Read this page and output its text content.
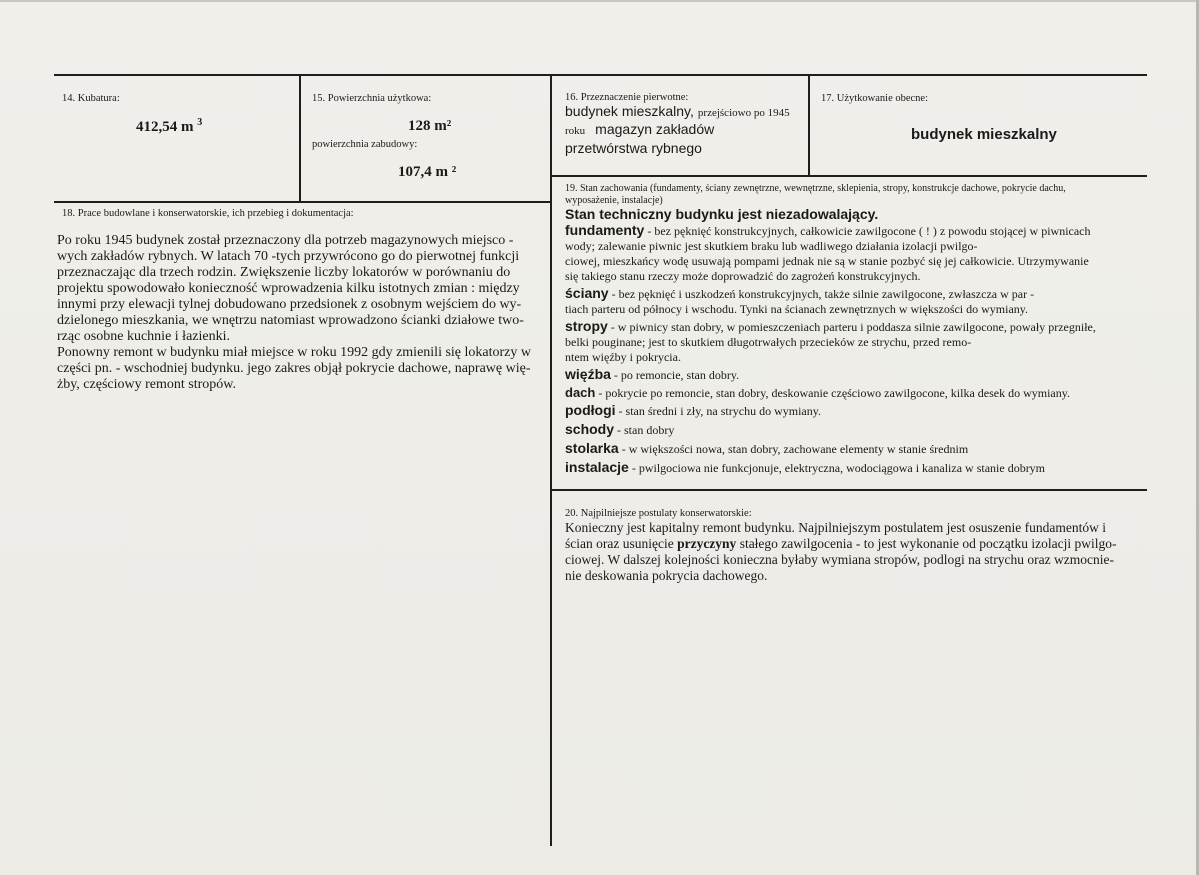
14. Kubatura:
412,54 m $^3$
15. Powierzchnia użytkowa:
128 m²
powierzchnia zabudowy:
107,4 m ²
16. Przeznaczenie pierwotne:
budynek mieszkalny, przejściowo po 1945
roku magazyn zakładów
przetwórstwa rybnego
17. Użytkowanie obecne:
budynek mieszkalny
18. Prace budowlane i konserwatorskie, ich przebieg i dokumentacja:

Po roku 1945 budynek został przeznaczony dla potrzeb magazynowych miejsco -

wych zakładów rybnych. W latach 70 -tych przywrócono go do pierwotnej funkcji

przeznaczając dla trzech rodzin. Zwiększenie liczby lokatorów w porównaniu do

projektu spowodowało konieczność wprowadzenia kilku istotnych zmian : między

innymi przy elewacji tylnej dobudowano przedsionek z osobnym wejściem do wy-

dzielonego mieszkania, we wnętrzu natomiast wprowadzono ścianki działowe two-

rząc osobne kuchnie i łazienki.

Ponowny remont w budynku miał miejsce w roku 1992 gdy zmienili się lokatorzy w

części pn. - wschodniej budynku. jego zakres objął pokrycie dachowe, naprawę wię-

żby, częściowy remont stropów.

19. Stan zachowania (fundamenty, ściany zewnętrzne, wewnętrzne, sklepienia, stropy, konstrukcje dachowe, pokrycie dachu,
wyposażenie, instalacje)

Stan techniczny budynku jest niezadowalający.

fundamenty - bez pęknięć konstrukcyjnych, całkowicie zawilgocone ( ! ) z powodu stojącej w piwnicach

wody; zalewanie piwnic jest skutkiem braku lub wadliwego działania izolacji pwilgo-

ciowej, mieszkańcy wodę usuwają pompami jednak nie są w stanie pozbyć się jej całkowicie. Utrzymywanie

się takiego stanu rzeczy może doprowadzić do zagrożeń konstrukcyjnych.

ściany - bez pęknięć i uszkodzeń konstrukcyjnych, także silnie zawilgocone, zwłaszcza w par -

tiach parteru od północy i wschodu. Tynki na ścianach zewnętrznych w większości do wymiany.

stropy - w piwnicy stan dobry, w pomieszczeniach parteru i poddasza silnie zawilgocone, powały przegniłe,

belki pouginane; jest to skutkiem długotrwałych przecieków ze strychu, przed remo-

ntem więźby i pokrycia.

więźba - po remoncie, stan dobry.

dach - pokrycie po remoncie, stan dobry, deskowanie częściowo zawilgocone, kilka desek do wymiany.

podłogi - stan średni i zły, na strychu do wymiany.

schody - stan dobry

stolarka - w większości nowa, stan dobry, zachowane elementy w stanie średnim

instalacje - pwilgociowa nie funkcjonuje, elektryczna, wodociągowa i kanaliza w stanie dobrym

20. Najpilniejsze postulaty konserwatorskie:

Konieczny jest kapitalny remont budynku. Najpilniejszym postulatem jest osuszenie fundamentów i

ścian oraz usunięcie przyczyny stałego zawilgocenia - to jest wykonanie od początku izolacji pwilgo-

ciowej. W dalszej kolejności konieczna byłaby wymiana stropów, podlogi na strychu oraz wzmocnie-

nie deskowania pokrycia dachowego.
